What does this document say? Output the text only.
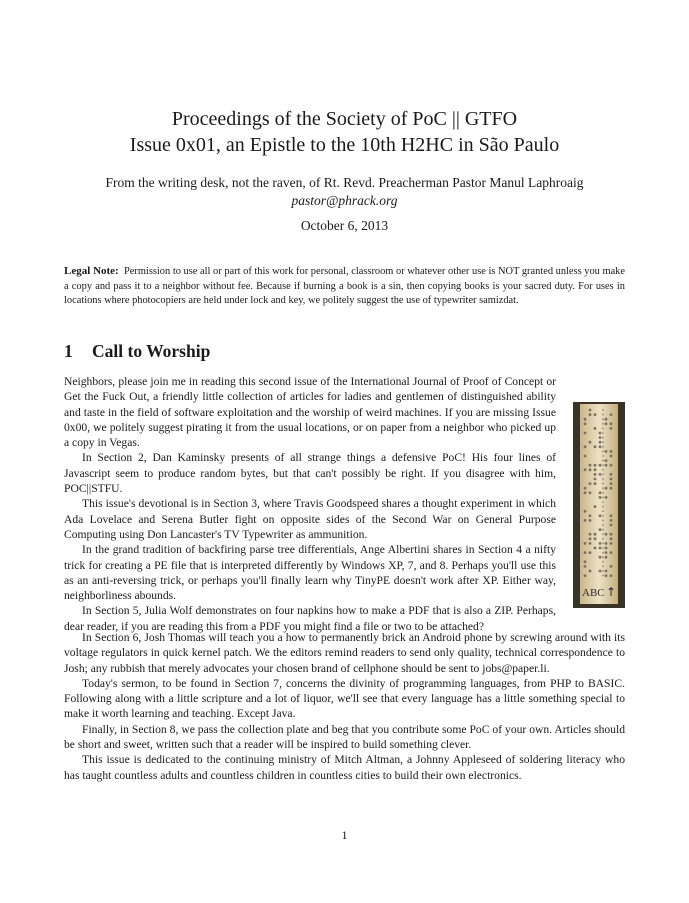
Proceedings of the Society of PoC || GTFO
Issue 0x01, an Epistle to the 10th H2HC in São Paulo
From the writing desk, not the raven, of Rt. Revd. Preacherman Pastor Manul Laphroaig
pastor@phrack.org
October 6, 2013
Legal Note: Permission to use all or part of this work for personal, classroom or whatever other use is NOT granted unless you make a copy and pass it to a neighbor without fee. Because if burning a book is a sin, then copying books is your sacred duty. For uses in locations where photocopiers are held under lock and key, we politely suggest the use of typewriter samizdat.
1 Call to Worship

Neighbors, please join me in reading this second issue of the International Journal of Proof of Concept or Get the Fuck Out, a friendly little collection of articles for ladies and gentlemen of distinguished ability and taste in the field of software exploitation and the worship of weird machines. If you are missing Issue 0x00, we politely suggest pirating it from the usual locations, or on paper from a neighbor who picked up a copy in Vegas.

In Section 2, Dan Kaminsky presents of all strange things a defensive PoC! His four lines of Javascript seem to produce random bytes, but that can't possibly be right. If you disagree with him, POC||STFU.

This issue's devotional is in Section 3, where Travis Goodspeed shares a thought experiment in which Ada Lovelace and Serena Butler fight on opposite sides of the Second War on General Purpose Computing using Don Lancaster's TV Typewriter as ammunition.

In the grand tradition of backfiring parse tree differentials, Ange Albertini shares in Section 4 a nifty trick for creating a PE file that is interpreted differently by Windows XP, 7, and 8. Perhaps you'll use this as an anti-reversing trick, or perhaps you'll finally learn why TinyPE doesn't work after XP. Either way, neighborliness abounds.

In Section 5, Julia Wolf demonstrates on four napkins how to make a PDF that is also a ZIP. Perhaps, dear reader, if you are reading this from a PDF you might find a file or two to be attached?

In Section 6, Josh Thomas will teach you a how to permanently brick an Android phone by screwing around with its voltage regulators in quick kernel patch. We the editors remind readers to send only quality, technical correspondence to Josh; any rubbish that merely advocates your chosen brand of cellphone should be sent to jobs@paper.li.

Today's sermon, to be found in Section 7, concerns the divinity of programming languages, from PHP to BASIC. Following along with a little scripture and a lot of liquor, we'll see that every language has a little something special to make it worth learning and teaching. Except Java.

Finally, in Section 8, we pass the collection plate and beg that you contribute some PoC of your own. Articles should be short and sweet, written such that a reader will be inspired to build something clever.

This issue is dedicated to the continuing ministry of Mitch Altman, a Johnny Appleseed of soldering literacy who has taught countless adults and countless children in countless cities to build their own electronics.

ABC ↑
1
